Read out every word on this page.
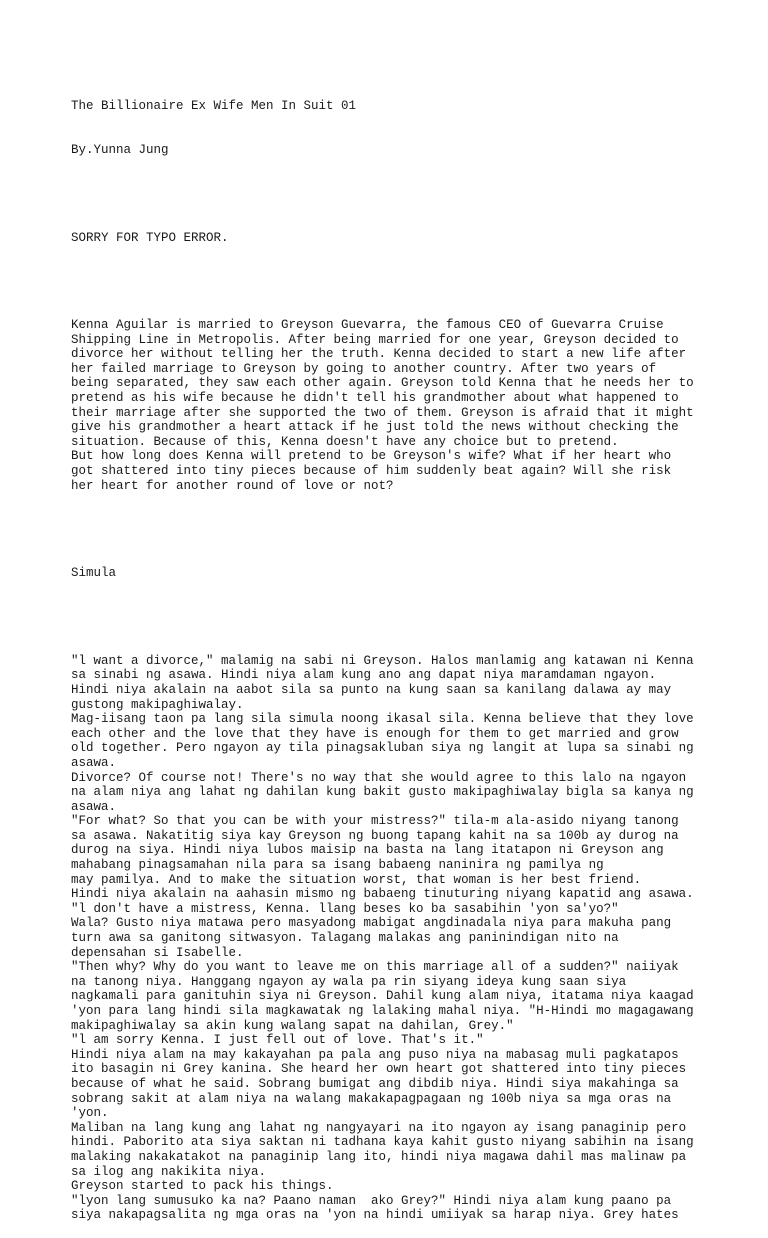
The Billionaire Ex Wife Men In Suit 01

By.Yunna Jung

SORRY FOR TYPO ERROR.

Kenna Aguilar is married to Greyson Guevarra, the famous CEO of Guevarra Cruise
Shipping Line in Metropolis. After being married for one year, Greyson decided to
divorce her without telling her the truth. Kenna decided to start a new life after
her failed marriage to Greyson by going to another country. After two years of
being separated, they saw each other again. Greyson told Kenna that he needs her to
pretend as his wife because he didn't tell his grandmother about what happened to
their marriage after she supported the two of them. Greyson is afraid that it might
give his grandmother a heart attack if he just told the news without checking the
situation. Because of this, Kenna doesn't have any choice but to pretend.
But how long does Kenna will pretend to be Greyson's wife? What if her heart who
got shattered into tiny pieces because of him suddenly beat again? Will she risk
her heart for another round of love or not?

Simula

"l want a divorce," malamig na sabi ni Greyson. Halos manlamig ang katawan ni Kenna
sa sinabi ng asawa. Hindi niya alam kung ano ang dapat niya maramdaman ngayon.
Hindi niya akalain na aabot sila sa punto na kung saan sa kanilang dalawa ay may
gustong makipaghiwalay.
Mag-iisang taon pa lang sila simula noong ikasal sila. Kenna believe that they love
each other and the love that they have is enough for them to get married and grow
old together. Pero ngayon ay tila pinagsakluban siya ng langit at lupa sa sinabi ng
asawa.
Divorce? Of course not! There's no way that she would agree to this lalo na ngayon
na alam niya ang lahat ng dahilan kung bakit gusto makipaghiwalay bigla sa kanya ng
asawa.
"For what? So that you can be with your mistress?" tila-m ala-asido niyang tanong
sa asawa. Nakatitig siya kay Greyson ng buong tapang kahit na sa 100b ay durog na
durog na siya. Hindi niya lubos maisip na basta na lang itatapon ni Greyson ang
mahabang pinagsamahan nila para sa isang babaeng naninira ng pamilya ng
may pamilya. And to make the situation worst, that woman is her best friend.
Hindi niya akalain na aahasin mismo ng babaeng tinuturing niyang kapatid ang asawa.
"l don't have a mistress, Kenna. llang beses ko ba sasabihin 'yon sa'yo?"
Wala? Gusto niya matawa pero masyadong mabigat angdinadala niya para makuha pang
turn awa sa ganitong sitwasyon. Talagang malakas ang paninindigan nito na
depensahan si Isabelle.
"Then why? Why do you want to leave me on this marriage all of a sudden?" naiiyak
na tanong niya. Hanggang ngayon ay wala pa rin siyang ideya kung saan siya
nagkamali para ganituhin siya ni Greyson. Dahil kung alam niya, itatama niya kaagad
'yon para lang hindi sila magkawatak ng lalaking mahal niya. "H-Hindi mo magagawang
makipaghiwalay sa akin kung walang sapat na dahilan, Grey."
"l am sorry Kenna. I just fell out of love. That's it."
Hindi niya alam na may kakayahan pa pala ang puso niya na mabasag muli pagkatapos
ito basagin ni Grey kanina. She heard her own heart got shattered into tiny pieces
because of what he said. Sobrang bumigat ang dibdib niya. Hindi siya makahinga sa
sobrang sakit at alam niya na walang makakapagpagaan ng 100b niya sa mga oras na
'yon.
Maliban na lang kung ang lahat ng nangyayari na ito ngayon ay isang panaginip pero
hindi. Paborito ata siya saktan ni tadhana kaya kahit gusto niyang sabihin na isang
malaking nakakatakot na panaginip lang ito, hindi niya magawa dahil mas malinaw pa
sa ilog ang nakikita niya.
Greyson started to pack his things.
"lyon lang sumusuko ka na? Paano naman  ako Grey?" Hindi niya alam kung paano pa
siya nakapagsalita ng mga oras na 'yon na hindi umiiyak sa harap niya. Grey hates
